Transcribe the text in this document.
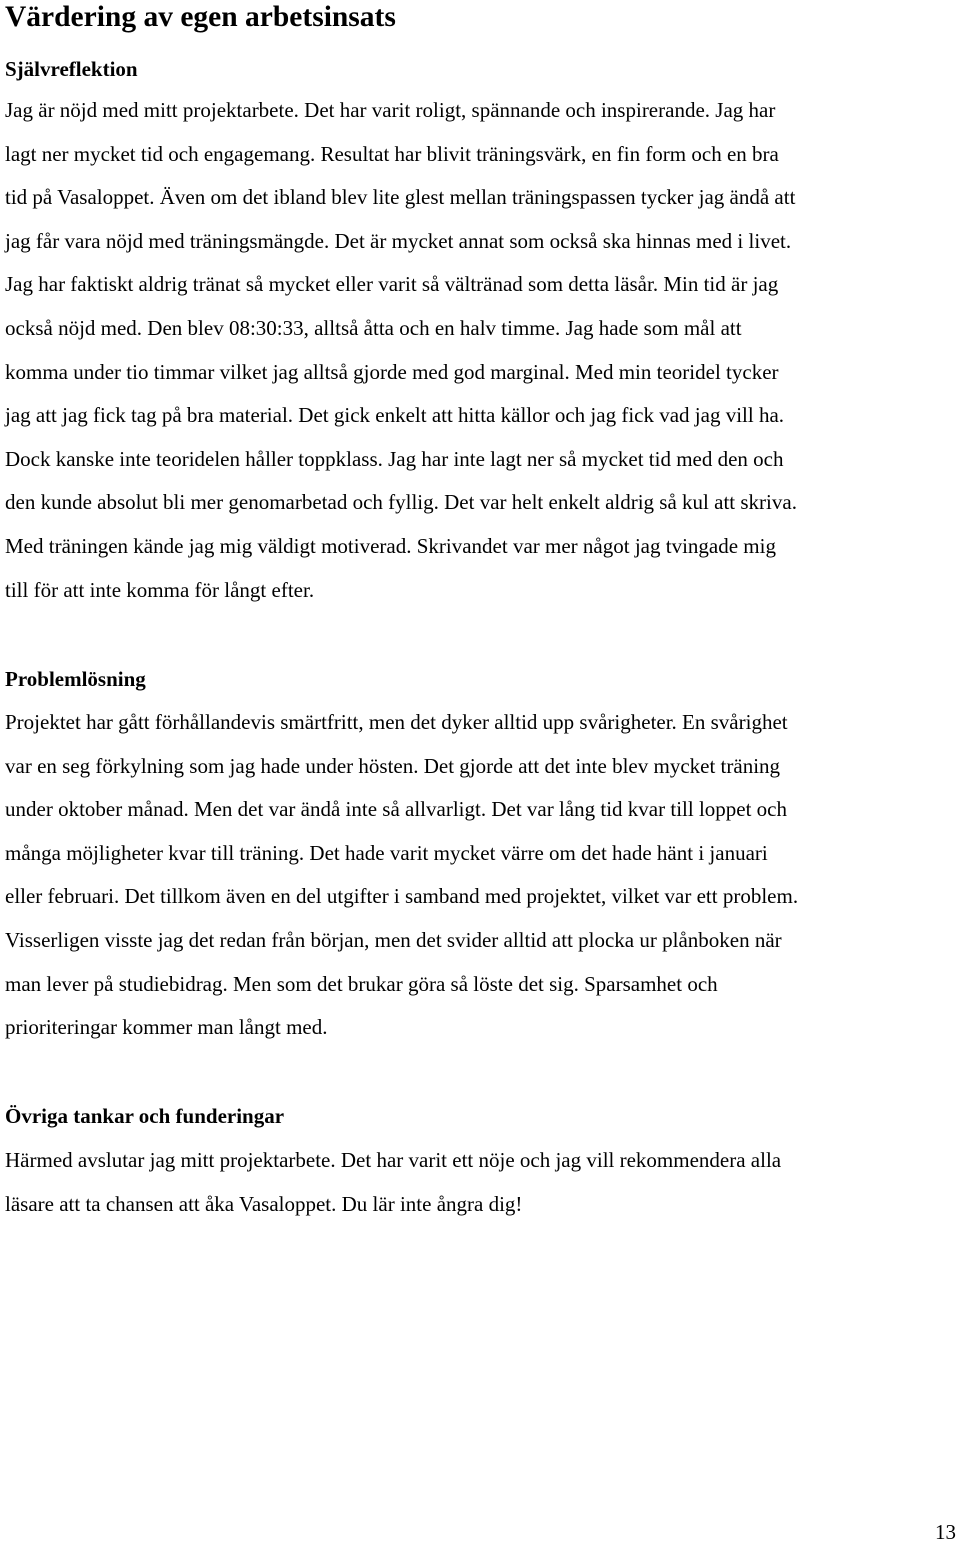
Värdering av egen arbetsinsats
Självreflektion
Jag är nöjd med mitt projektarbete. Det har varit roligt, spännande och inspirerande. Jag har
lagt ner mycket tid och engagemang. Resultat har blivit träningsvärk, en fin form och en bra
tid på Vasaloppet. Även om det ibland blev lite glest mellan träningspassen tycker jag ändå att
jag får vara nöjd med träningsmängde. Det är mycket annat som också ska hinnas med i livet.
Jag har faktiskt aldrig tränat så mycket eller varit så vältränad som detta läsår. Min tid är jag
också nöjd med. Den blev 08:30:33, alltså åtta och en halv timme. Jag hade som mål att
komma under tio timmar vilket jag alltså gjorde med god marginal. Med min teoridel tycker
jag att jag fick tag på bra material. Det gick enkelt att hitta källor och jag fick vad jag vill ha.
Dock kanske inte teoridelen håller toppklass. Jag har inte lagt ner så mycket tid med den och
den kunde absolut bli mer genomarbetad och fyllig. Det var helt enkelt aldrig så kul att skriva.
Med träningen kände jag mig väldigt motiverad. Skrivandet var mer något jag tvingade mig
till för att inte komma för långt efter.
Problemlösning
Projektet har gått förhållandevis smärtfritt, men det dyker alltid upp svårigheter. En svårighet
var en seg förkylning som jag hade under hösten. Det gjorde att det inte blev mycket träning
under oktober månad. Men det var ändå inte så allvarligt. Det var lång tid kvar till loppet och
många möjligheter kvar till träning. Det hade varit mycket värre om det hade hänt i januari
eller februari. Det tillkom även en del utgifter i samband med projektet, vilket var ett problem.
Visserligen visste jag det redan från början, men det svider alltid att plocka ur plånboken när
man lever på studiebidrag. Men som det brukar göra så löste det sig. Sparsamhet och
prioriteringar kommer man långt med.
Övriga tankar och funderingar
Härmed avslutar jag mitt projektarbete. Det har varit ett nöje och jag vill rekommendera alla
läsare att ta chansen att åka Vasaloppet. Du lär inte ångra dig!
13
